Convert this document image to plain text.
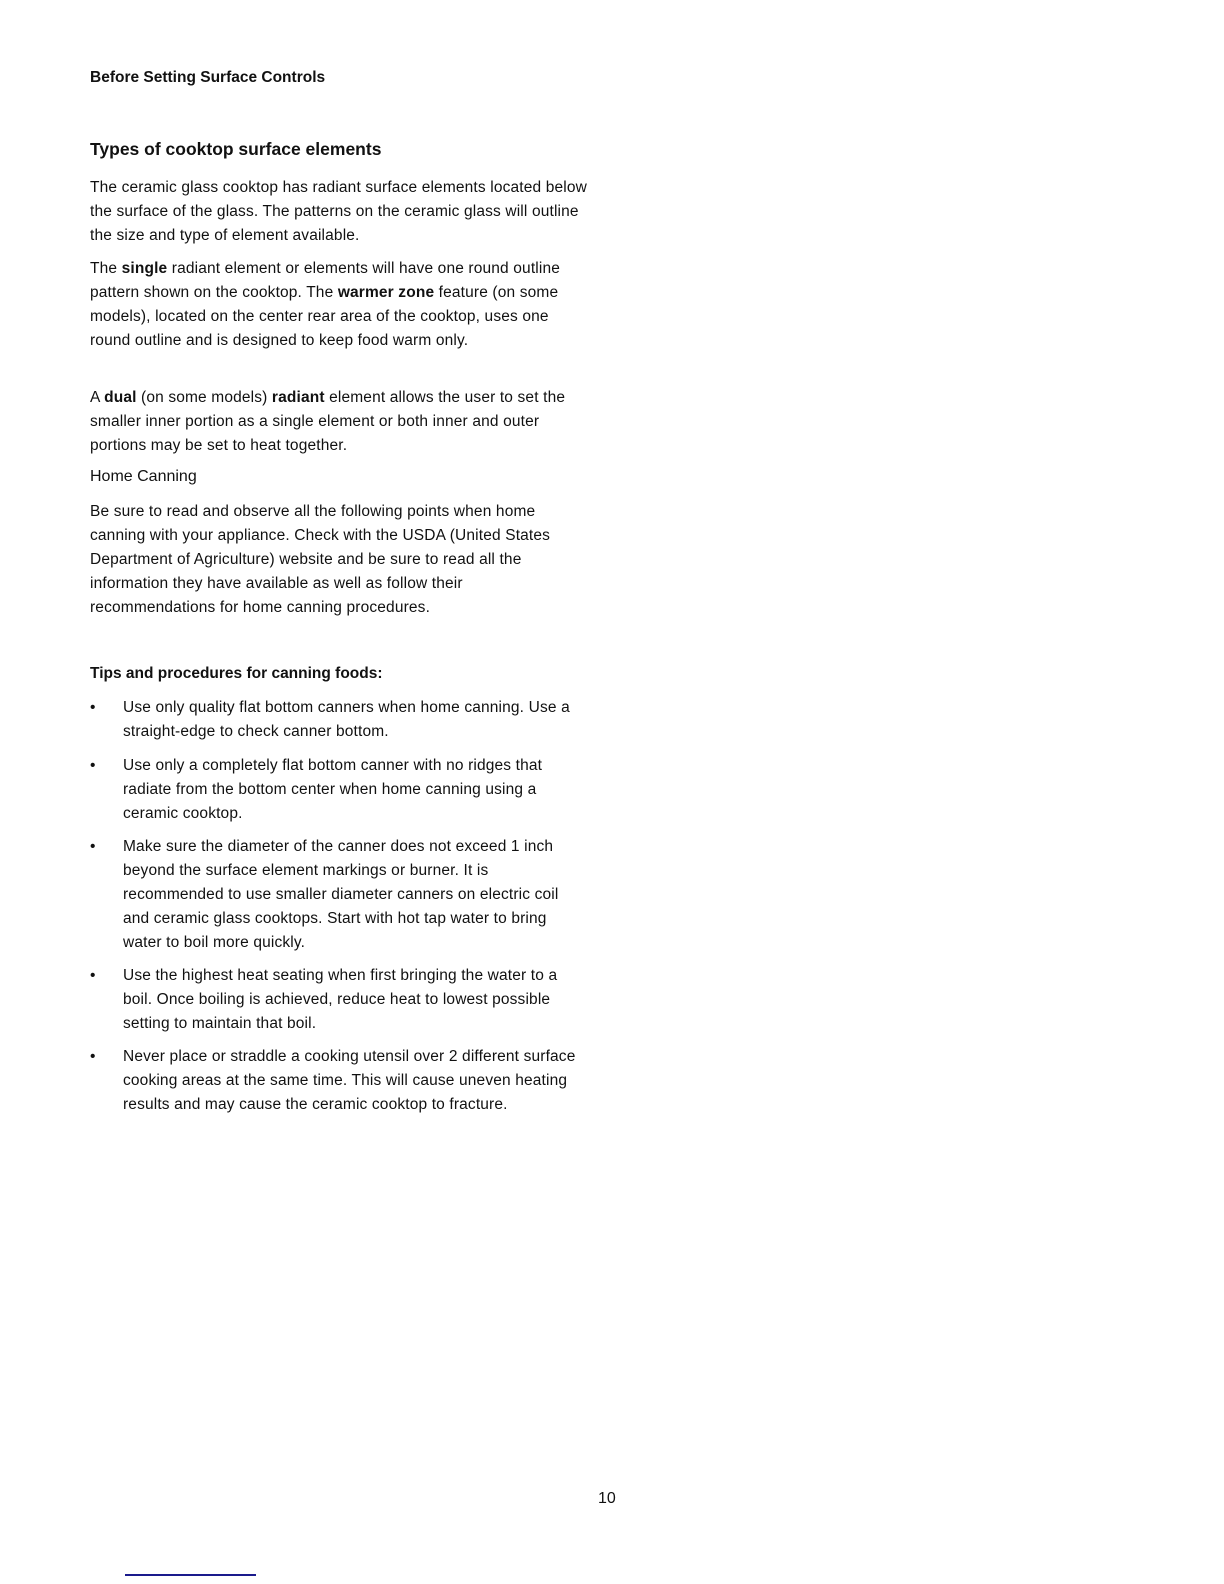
Before Setting Surface Controls
Types of cooktop surface elements

The ceramic glass cooktop has radiant surface elements located below the surface of the glass. The patterns on the ceramic glass will outline the size and type of element available.

The single radiant element or elements will have one round outline pattern shown on the cooktop. The warmer zone feature (on some models), located on the center rear area of the cooktop, uses one round outline and is designed to keep food warm only.

A dual (on some models) radiant element allows the user to set the smaller inner portion as a single element or both inner and outer portions may be set to heat together.

Home Canning

Be sure to read and observe all the following points when home canning with your appliance. Check with the USDA (United States Department of Agriculture) website and be sure to read all the information they have available as well as follow their recommendations for home canning procedures.

Tips and procedures for canning foods:
• Use only quality flat bottom canners when home canning. Use a straight-edge to check canner bottom.
• Use only a completely flat bottom canner with no ridges that radiate from the bottom center when home canning using a ceramic cooktop.
• Make sure the diameter of the canner does not exceed 1 inch beyond the surface element markings or burner. It is recommended to use smaller diameter canners on electric coil and ceramic glass cooktops. Start with hot tap water to bring water to boil more quickly.
• Use the highest heat seating when first bringing the water to a boil. Once boiling is achieved, reduce heat to lowest possible setting to maintain that boil.
• Never place or straddle a cooking utensil over 2 different surface cooking areas at the same time. This will cause uneven heating results and may cause the ceramic cooktop to fracture.
10
